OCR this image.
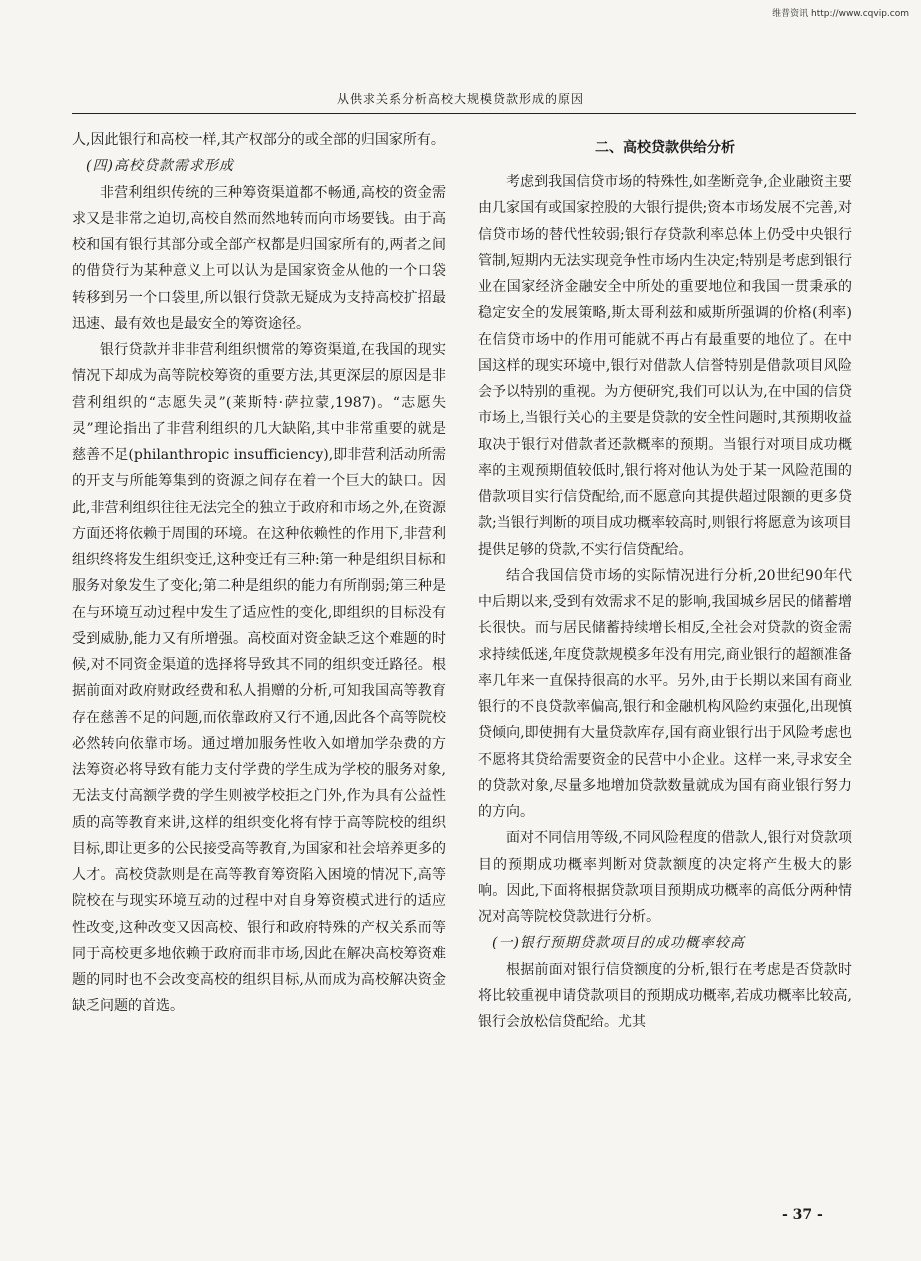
维普资讯 http://www.cqvip.com
从供求关系分析高校大规模贷款形成的原因

人,因此银行和高校一样,其产权部分的或全部的归国家所有。

(四)高校贷款需求形成

非营利组织传统的三种筹资渠道都不畅通,高校的资金需求又是非常之迫切,高校自然而然地转而向市场要钱。由于高校和国有银行其部分或全部产权都是归国家所有的,两者之间的借贷行为某种意义上可以认为是国家资金从他的一个口袋转移到另一个口袋里,所以银行贷款无疑成为支持高校扩招最迅速、最有效也是最安全的筹资途径。

银行贷款并非非营利组织惯常的筹资渠道,在我国的现实情况下却成为高等院校筹资的重要方法,其更深层的原因是非营利组织的“志愿失灵”(莱斯特·萨拉蒙,1987)。“志愿失灵”理论指出了非营利组织的几大缺陷,其中非常重要的就是慈善不足(philanthropic insufficiency),即非营利活动所需的开支与所能筹集到的资源之间存在着一个巨大的缺口。因此,非营利组织往往无法完全的独立于政府和市场之外,在资源方面还将依赖于周围的环境。在这种依赖性的作用下,非营利组织终将发生组织变迁,这种变迁有三种:第一种是组织目标和服务对象发生了变化;第二种是组织的能力有所削弱;第三种是在与环境互动过程中发生了适应性的变化,即组织的目标没有受到威胁,能力又有所增强。高校面对资金缺乏这个难题的时候,对不同资金渠道的选择将导致其不同的组织变迁路径。根据前面对政府财政经费和私人捐赠的分析,可知我国高等教育存在慈善不足的问题,而依靠政府又行不通,因此各个高等院校必然转向依靠市场。通过增加服务性收入如增加学杂费的方法筹资必将导致有能力支付学费的学生成为学校的服务对象,无法支付高额学费的学生则被学校拒之门外,作为具有公益性质的高等教育来讲,这样的组织变化将有悖于高等院校的组织目标,即让更多的公民接受高等教育,为国家和社会培养更多的人才。高校贷款则是在高等教育筹资陷入困境的情况下,高等院校在与现实环境互动的过程中对自身筹资模式进行的适应性改变,这种改变又因高校、银行和政府特殊的产权关系而等同于高校更多地依赖于政府而非市场,因此在解决高校筹资难题的同时也不会改变高校的组织目标,从而成为高校解决资金缺乏问题的首选。

二、高校贷款供给分析

考虑到我国信贷市场的特殊性,如垄断竞争,企业融资主要由几家国有或国家控股的大银行提供;资本市场发展不完善,对信贷市场的替代性较弱;银行存贷款利率总体上仍受中央银行管制,短期内无法实现竞争性市场内生决定;特别是考虑到银行业在国家经济金融安全中所处的重要地位和我国一贯秉承的稳定安全的发展策略,斯太哥利兹和威斯所强调的价格(利率)在信贷市场中的作用可能就不再占有最重要的地位了。在中国这样的现实环境中,银行对借款人信誉特别是借款项目风险会予以特别的重视。为方便研究,我们可以认为,在中国的信贷市场上,当银行关心的主要是贷款的安全性问题时,其预期收益取决于银行对借款者还款概率的预期。当银行对项目成功概率的主观预期值较低时,银行将对他认为处于某一风险范围的借款项目实行信贷配给,而不愿意向其提供超过限额的更多贷款;当银行判断的项目成功概率较高时,则银行将愿意为该项目提供足够的贷款,不实行信贷配给。

结合我国信贷市场的实际情况进行分析,20世纪90年代中后期以来,受到有效需求不足的影响,我国城乡居民的储蓄增长很快。而与居民储蓄持续增长相反,全社会对贷款的资金需求持续低迷,年度贷款规模多年没有用完,商业银行的超额准备率几年来一直保持很高的水平。另外,由于长期以来国有商业银行的不良贷款率偏高,银行和金融机构风险约束强化,出现慎贷倾向,即使拥有大量贷款库存,国有商业银行出于风险考虑也不愿将其贷给需要资金的民营中小企业。这样一来,寻求安全的贷款对象,尽量多地增加贷款数量就成为国有商业银行努力的方向。

面对不同信用等级,不同风险程度的借款人,银行对贷款项目的预期成功概率判断对贷款额度的决定将产生极大的影响。因此,下面将根据贷款项目预期成功概率的高低分两种情况对高等院校贷款进行分析。

(一)银行预期贷款项目的成功概率较高

根据前面对银行信贷额度的分析,银行在考虑是否贷款时将比较重视申请贷款项目的预期成功概率,若成功概率比较高,银行会放松信贷配给。尤其

- 37 -
